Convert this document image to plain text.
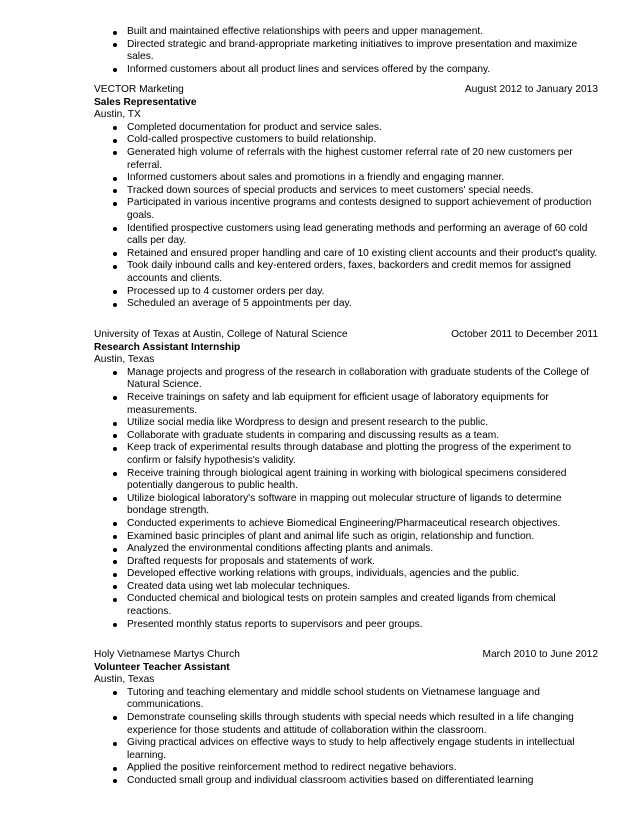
Built and maintained effective relationships with peers and upper management.
Directed strategic and brand-appropriate marketing initiatives to improve presentation and maximize sales.
Informed customers about all product lines and services offered by the company.
VECTOR Marketing	August 2012 to January 2013
Sales Representative
Austin, TX
Completed documentation for product and service sales.
Cold-called prospective customers to build relationship.
Generated high volume of referrals with the highest customer referral rate of 20 new customers per referral.
Informed customers about sales and promotions in a friendly and engaging manner.
Tracked down sources of special products and services to meet customers' special needs.
Participated in various incentive programs and contests designed to support achievement of production goals.
Identified prospective customers using lead generating methods and performing an average of 60 cold calls per day.
Retained and ensured proper handling and care of 10 existing client accounts and their product's quality.
Took daily inbound calls and key-entered orders, faxes, backorders and credit memos for assigned accounts and clients.
Processed up to 4 customer orders per day.
Scheduled an average of 5 appointments per day.
University of Texas at Austin, College of Natural Science	October 2011 to December 2011
Research Assistant Internship
Austin, Texas
Manage projects and progress of the research in collaboration with graduate students of the College of Natural Science.
Receive trainings on safety and lab equipment for efficient usage of laboratory equipments for measurements.
Utilize social media like Wordpress to design and present research to the public.
Collaborate with graduate students in comparing and discussing results as a team.
Keep track of experimental results through database and plotting the progress of the experiment to confirm or falsify hypothesis's validity.
Receive training through biological agent training in working with biological specimens considered potentially dangerous to public health.
Utilize biological laboratory's software in mapping out molecular structure of ligands to determine bondage strength.
Conducted experiments to achieve Biomedical Engineering/Pharmaceutical research objectives.
Examined basic principles of plant and animal life such as origin, relationship and function.
Analyzed the environmental conditions affecting plants and animals.
Drafted requests for proposals and statements of work.
Developed effective working relations with groups, individuals, agencies and the public.
Created data using wet lab molecular techniques.
Conducted chemical and biological tests on protein samples and created ligands from chemical reactions.
Presented monthly status reports to supervisors and peer groups.
Holy Vietnamese Martys Church	March 2010 to June 2012
Volunteer Teacher Assistant
Austin, Texas
Tutoring and teaching elementary and middle school students on Vietnamese language and communications.
Demonstrate counseling skills through students with special needs which resulted in a life changing experience for those students and attitude of collaboration within the classroom.
Giving practical advices on effective ways to study to help affectively engage students in intellectual learning.
Applied the positive reinforcement method to redirect negative behaviors.
Conducted small group and individual classroom activities based on differentiated learning
